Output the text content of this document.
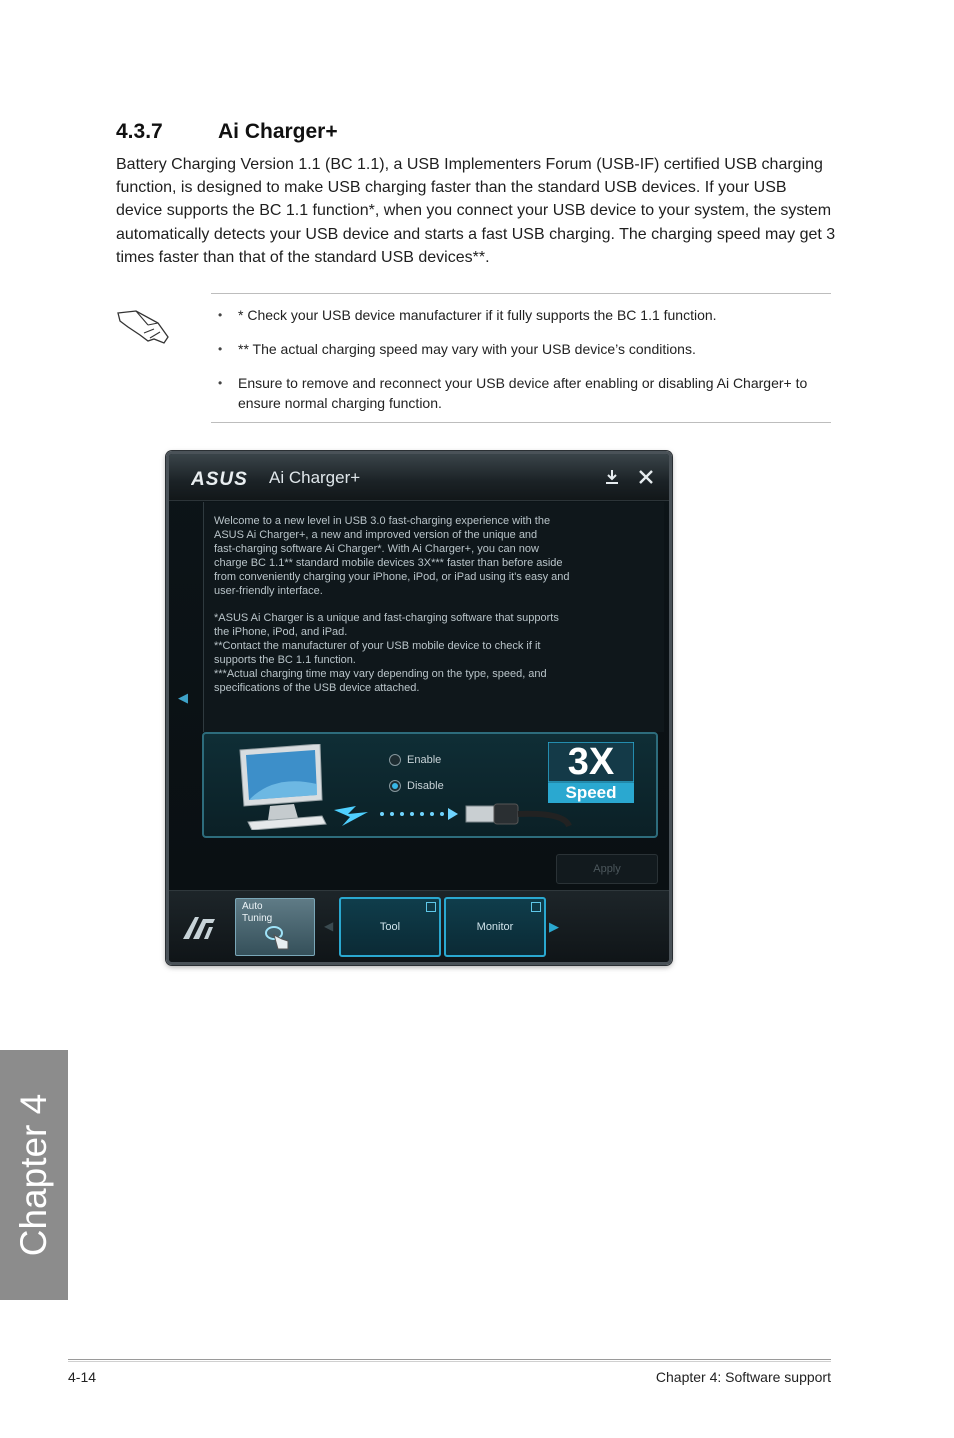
4.3.7	Ai Charger+
Battery Charging Version 1.1 (BC 1.1), a USB Implementers Forum (USB-IF) certified USB charging function, is designed to make USB charging faster than the standard USB devices. If your USB device supports the BC 1.1 function*, when you connect your USB device to your system, the system automatically detects your USB device and starts a fast USB charging. The charging speed may get 3 times faster than that of the standard USB devices**.
• * Check your USB device manufacturer if it fully supports the BC 1.1 function.
• ** The actual charging speed may vary with your USB device’s conditions.
• Ensure to remove and reconnect your USB device after enabling or disabling Ai Charger+ to ensure normal charging function.
ASUS Ai Charger+
◀

Welcome to a new level in USB 3.0 fast-charging experience with the
ASUS Ai Charger+, a new and improved version of the unique and
fast-charging software Ai Charger*. With Ai Charger+, you can now
charge BC 1.1** standard mobile devices 3X*** faster than before aside
from conveniently charging your iPhone, iPod, or iPad using it's easy and
user-friendly interface.

*ASUS Ai Charger is a unique and fast-charging software that supports
the iPhone, iPod, and iPad.
**Contact the manufacturer of your USB mobile device to check if it
supports the BC 1.1 function.
***Actual charging time may vary depending on the type, speed, and
specifications of the USB device attached.

Enable
Disable
3X
Speed
Apply
Auto
Tuning
◀	Tool	Monitor	▶
Chapter 4
4-14	Chapter 4: Software support
